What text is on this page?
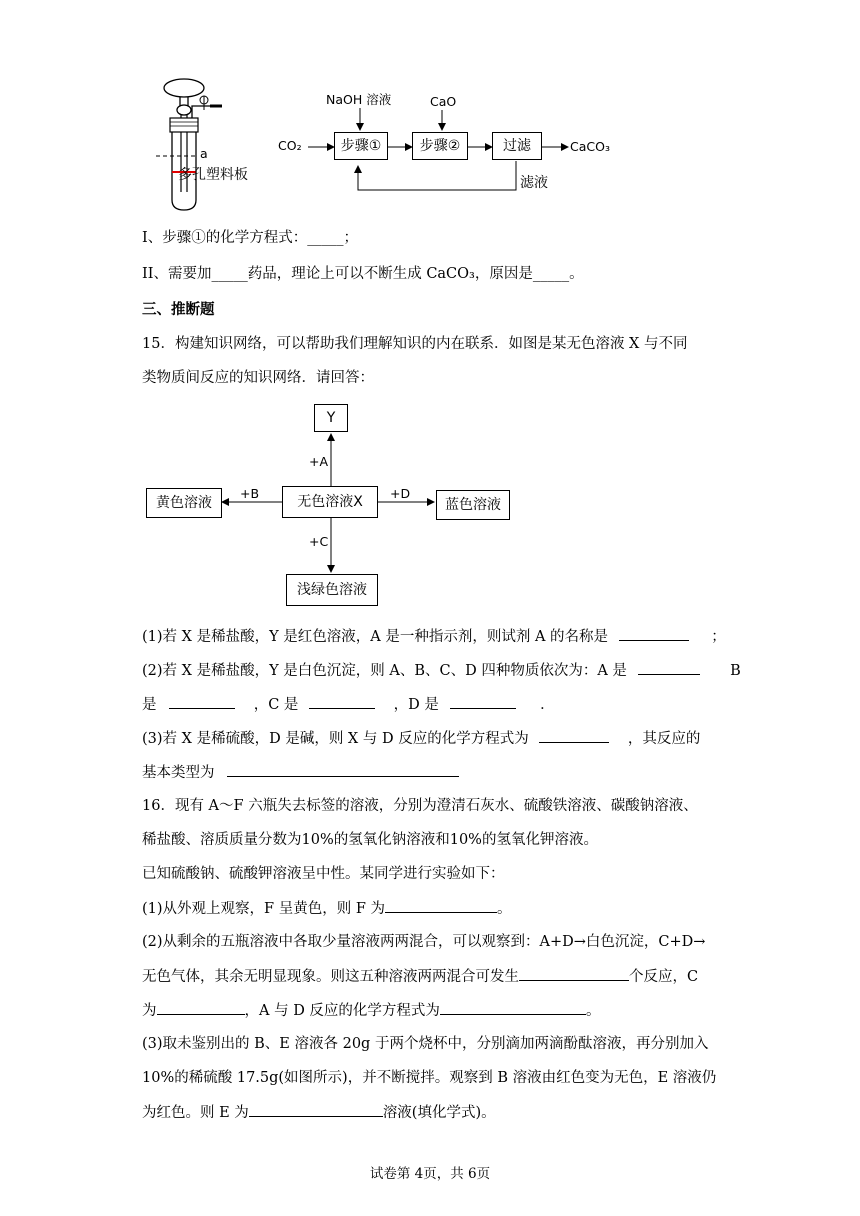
a
多孔塑料板
NaOH 溶液	CaO
CO₂	步骤①	步骤②	过滤	CaCO₃
滤液
I、步骤①的化学方程式：_____；
II、需要加_____药品，理论上可以不断生成 CaCO₃，原因是_____。
三、推断题
15．构建知识网络，可以帮助我们理解知识的内在联系．如图是某无色溶液 X 与不同
类物质间反应的知识网络．请回答：
Y
无色溶液X
黄色溶液	蓝色溶液
浅绿色溶液
+A
+B
+C
+D
(1)若 X 是稀盐酸，Y 是红色溶液，A 是一种指示剂，则试剂 A 的名称是	；
(2)若 X 是稀盐酸，Y 是白色沉淀，则 A、B、C、D 四种物质依次为：A 是	B
是	，C 是	，D 是	．
(3)若 X 是稀硫酸，D 是碱，则 X 与 D 反应的化学方程式为	，其反应的
基本类型为
16．现有 A～F 六瓶失去标签的溶液，分别为澄清石灰水、硫酸铁溶液、碳酸钠溶液、
稀盐酸、溶质质量分数为10%的氢氧化钠溶液和10%的氢氧化钾溶液。
已知硫酸钠、硫酸钾溶液呈中性。某同学进行实验如下：
(1)从外观上观察，F 呈黄色，则 F 为	。
(2)从剩余的五瓶溶液中各取少量溶液两两混合，可以观察到：A+D→白色沉淀，C+D→
无色气体，其余无明显现象。则这五种溶液两两混合可发生	个反应，C
为	，A 与 D 反应的化学方程式为	。
(3)取未鉴别出的 B、E 溶液各 20g 于两个烧杯中，分别滴加两滴酚酞溶液，再分别加入
10%的稀硫酸 17.5g(如图所示)，并不断搅拌。观察到 B 溶液由红色变为无色，E 溶液仍
为红色。则 E 为	溶液(填化学式)。
试卷第 4页，共 6页
